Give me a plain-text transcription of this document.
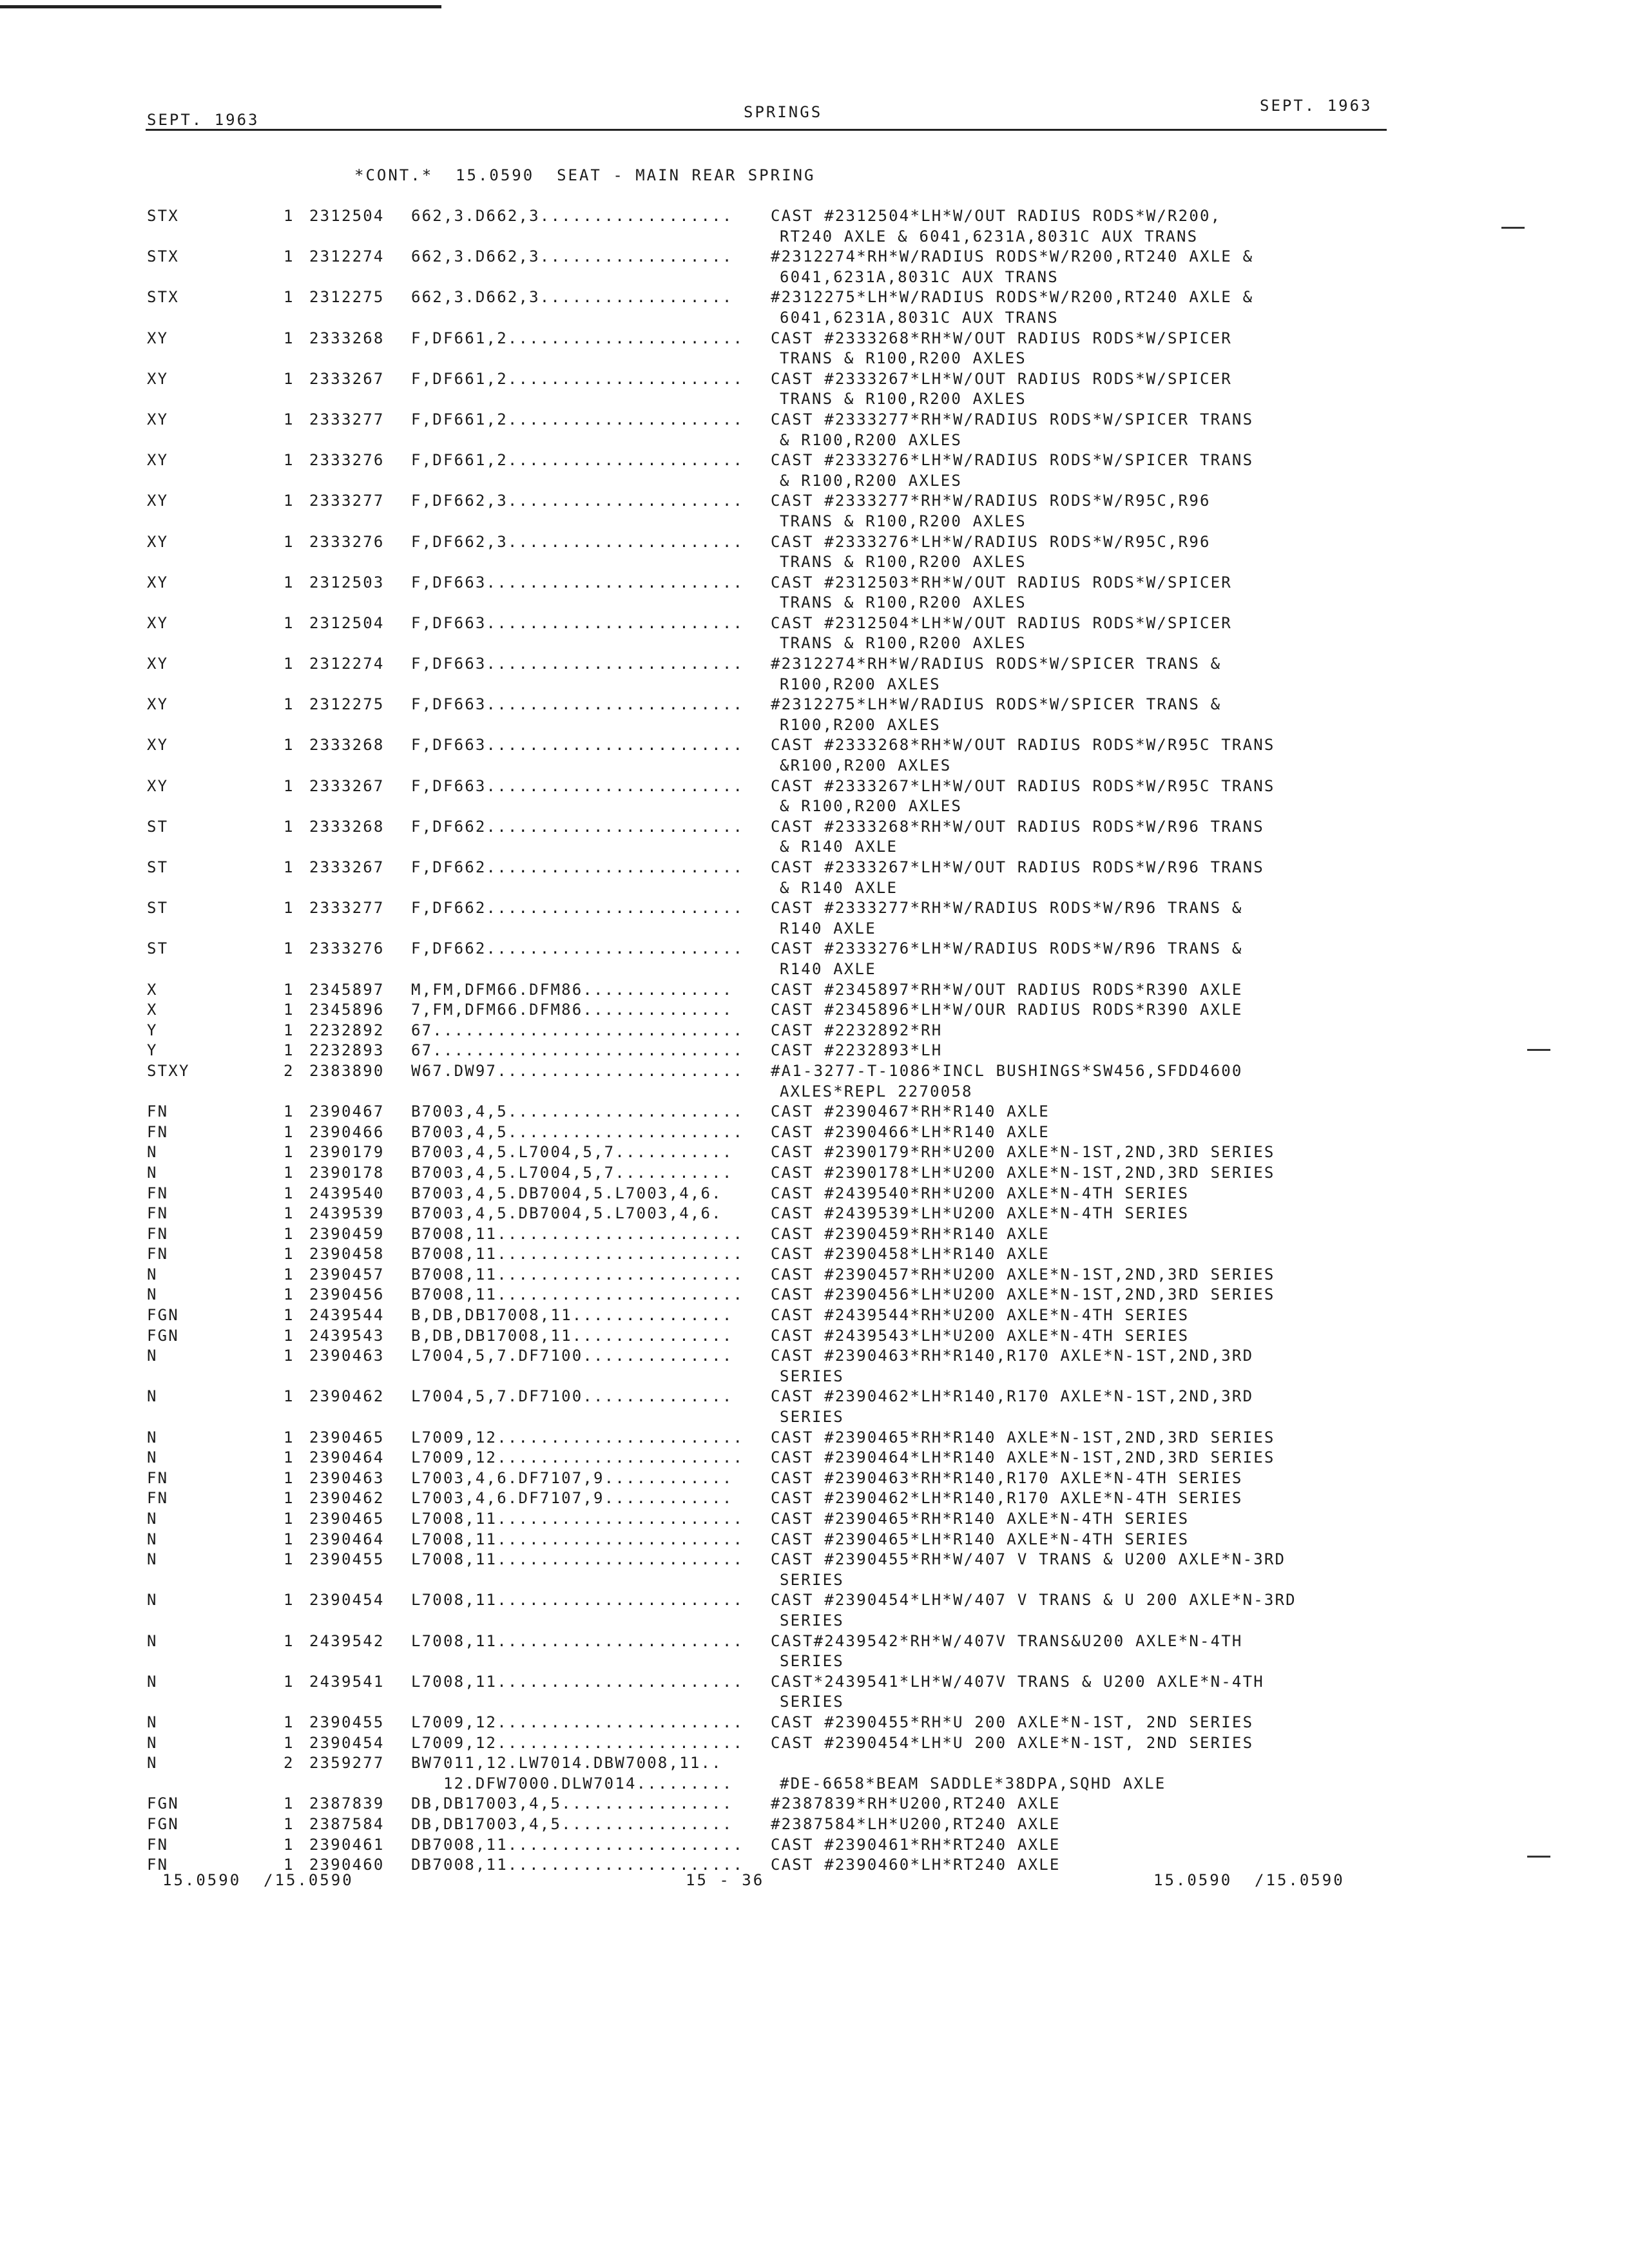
SEPT. 1963	SPRINGS	SEPT. 1963
*CONT.*  15.0590  SEAT - MAIN REAR SPRING
STX	1 2312504	662,3.D662,3..................	CAST #2312504*LH*W/OUT RADIUS RODS*W/R200,
RT240 AXLE & 6041,6231A,8031C AUX TRANS
STX	1 2312274	662,3.D662,3..................	#2312274*RH*W/RADIUS RODS*W/R200,RT240 AXLE &
6041,6231A,8031C AUX TRANS
STX	1 2312275	662,3.D662,3..................	#2312275*LH*W/RADIUS RODS*W/R200,RT240 AXLE &
6041,6231A,8031C AUX TRANS
XY	1 2333268	F,DF661,2......................	CAST #2333268*RH*W/OUT RADIUS RODS*W/SPICER
TRANS & R100,R200 AXLES
XY	1 2333267	F,DF661,2......................	CAST #2333267*LH*W/OUT RADIUS RODS*W/SPICER
TRANS & R100,R200 AXLES
XY	1 2333277	F,DF661,2......................	CAST #2333277*RH*W/RADIUS RODS*W/SPICER TRANS
& R100,R200 AXLES
XY	1 2333276	F,DF661,2......................	CAST #2333276*LH*W/RADIUS RODS*W/SPICER TRANS
& R100,R200 AXLES
XY	1 2333277	F,DF662,3......................	CAST #2333277*RH*W/RADIUS RODS*W/R95C,R96
TRANS & R100,R200 AXLES
XY	1 2333276	F,DF662,3......................	CAST #2333276*LH*W/RADIUS RODS*W/R95C,R96
TRANS & R100,R200 AXLES
XY	1 2312503	F,DF663........................	CAST #2312503*RH*W/OUT RADIUS RODS*W/SPICER
TRANS & R100,R200 AXLES
XY	1 2312504	F,DF663........................	CAST #2312504*LH*W/OUT RADIUS RODS*W/SPICER
TRANS & R100,R200 AXLES
XY	1 2312274	F,DF663........................	#2312274*RH*W/RADIUS RODS*W/SPICER TRANS &
R100,R200 AXLES
XY	1 2312275	F,DF663........................	#2312275*LH*W/RADIUS RODS*W/SPICER TRANS &
R100,R200 AXLES
XY	1 2333268	F,DF663........................	CAST #2333268*RH*W/OUT RADIUS RODS*W/R95C TRANS
&R100,R200 AXLES
XY	1 2333267	F,DF663........................	CAST #2333267*LH*W/OUT RADIUS RODS*W/R95C TRANS
& R100,R200 AXLES
ST	1 2333268	F,DF662........................	CAST #2333268*RH*W/OUT RADIUS RODS*W/R96 TRANS
& R140 AXLE
ST	1 2333267	F,DF662........................	CAST #2333267*LH*W/OUT RADIUS RODS*W/R96 TRANS
& R140 AXLE
ST	1 2333277	F,DF662........................	CAST #2333277*RH*W/RADIUS RODS*W/R96 TRANS &
R140 AXLE
ST	1 2333276	F,DF662........................	CAST #2333276*LH*W/RADIUS RODS*W/R96 TRANS &
R140 AXLE
X	1 2345897	M,FM,DFM66.DFM86..............	CAST #2345897*RH*W/OUT RADIUS RODS*R390 AXLE
X	1 2345896	7,FM,DFM66.DFM86..............	CAST #2345896*LH*W/OUR RADIUS RODS*R390 AXLE
Y	1 2232892	67.............................	CAST #2232892*RH
Y	1 2232893	67.............................	CAST #2232893*LH
STXY	2 2383890	W67.DW97.......................	#A1-3277-T-1086*INCL BUSHINGS*SW456,SFDD4600
AXLES*REPL 2270058
FN	1 2390467	B7003,4,5......................	CAST #2390467*RH*R140 AXLE
FN	1 2390466	B7003,4,5......................	CAST #2390466*LH*R140 AXLE
N	1 2390179	B7003,4,5.L7004,5,7...........	CAST #2390179*RH*U200 AXLE*N-1ST,2ND,3RD SERIES
N	1 2390178	B7003,4,5.L7004,5,7...........	CAST #2390178*LH*U200 AXLE*N-1ST,2ND,3RD SERIES
FN	1 2439540	B7003,4,5.DB7004,5.L7003,4,6.	CAST #2439540*RH*U200 AXLE*N-4TH SERIES
FN	1 2439539	B7003,4,5.DB7004,5.L7003,4,6.	CAST #2439539*LH*U200 AXLE*N-4TH SERIES
FN	1 2390459	B7008,11.......................	CAST #2390459*RH*R140 AXLE
FN	1 2390458	B7008,11.......................	CAST #2390458*LH*R140 AXLE
N	1 2390457	B7008,11.......................	CAST #2390457*RH*U200 AXLE*N-1ST,2ND,3RD SERIES
N	1 2390456	B7008,11.......................	CAST #2390456*LH*U200 AXLE*N-1ST,2ND,3RD SERIES
FGN	1 2439544	B,DB,DB17008,11...............	CAST #2439544*RH*U200 AXLE*N-4TH SERIES
FGN	1 2439543	B,DB,DB17008,11...............	CAST #2439543*LH*U200 AXLE*N-4TH SERIES
N	1 2390463	L7004,5,7.DF7100..............	CAST #2390463*RH*R140,R170 AXLE*N-1ST,2ND,3RD
SERIES
N	1 2390462	L7004,5,7.DF7100..............	CAST #2390462*LH*R140,R170 AXLE*N-1ST,2ND,3RD
SERIES
N	1 2390465	L7009,12.......................	CAST #2390465*RH*R140 AXLE*N-1ST,2ND,3RD SERIES
N	1 2390464	L7009,12.......................	CAST #2390464*LH*R140 AXLE*N-1ST,2ND,3RD SERIES
FN	1 2390463	L7003,4,6.DF7107,9............	CAST #2390463*RH*R140,R170 AXLE*N-4TH SERIES
FN	1 2390462	L7003,4,6.DF7107,9............	CAST #2390462*LH*R140,R170 AXLE*N-4TH SERIES
N	1 2390465	L7008,11.......................	CAST #2390465*RH*R140 AXLE*N-4TH SERIES
N	1 2390464	L7008,11.......................	CAST #2390465*LH*R140 AXLE*N-4TH SERIES
N	1 2390455	L7008,11.......................	CAST #2390455*RH*W/407 V TRANS & U200 AXLE*N-3RD
SERIES
N	1 2390454	L7008,11.......................	CAST #2390454*LH*W/407 V TRANS & U 200 AXLE*N-3RD
SERIES
N	1 2439542	L7008,11.......................	CAST#2439542*RH*W/407V TRANS&U200 AXLE*N-4TH
SERIES
N	1 2439541	L7008,11.......................	CAST*2439541*LH*W/407V TRANS & U200 AXLE*N-4TH
SERIES
N	1 2390455	L7009,12.......................	CAST #2390455*RH*U 200 AXLE*N-1ST, 2ND SERIES
N	1 2390454	L7009,12.......................	CAST #2390454*LH*U 200 AXLE*N-1ST, 2ND SERIES
N	2 2359277	BW7011,12.LW7014.DBW7008,11..
12.DFW7000.DLW7014.........	#DE-6658*BEAM SADDLE*38DPA,SQHD AXLE
FGN	1 2387839	DB,DB17003,4,5................	#2387839*RH*U200,RT240 AXLE
FGN	1 2387584	DB,DB17003,4,5................	#2387584*LH*U200,RT240 AXLE
FN	1 2390461	DB7008,11......................	CAST #2390461*RH*RT240 AXLE
FN	1 2390460	DB7008,11......................	CAST #2390460*LH*RT240 AXLE
15.0590  /15.0590	15 - 36	15.0590  /15.0590
